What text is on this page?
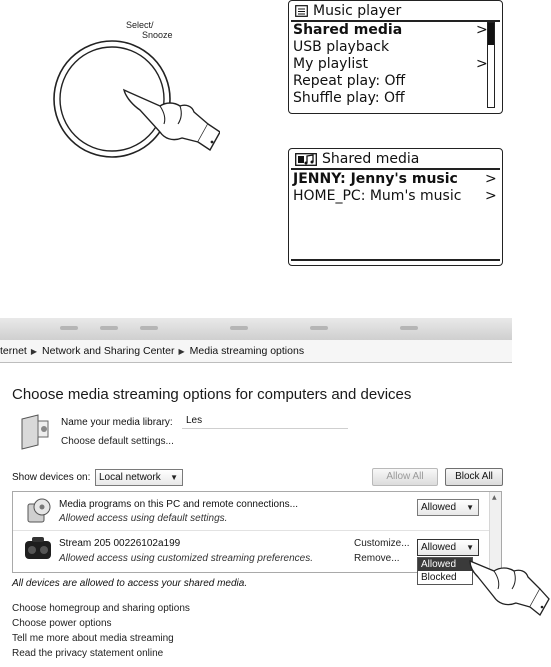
Select/
Snooze
Music player
Shared media	>
USB playback
My playlist	>
Repeat play: Off
Shuffle play: Off
Shared media
JENNY: Jenny's music	>
HOME_PC: Mum's music	>
ternet ▶ Network and Sharing Center ▶ Media streaming options
Choose media streaming options for computers and devices
Name your media library:	Les
Choose default settings...
Show devices on: Local network ▼	Allow All	Block All
▲
Media programs on this PC and remote connections...
Allowed access using default settings.
Allowed ▼
Stream 205 00226102a199
Allowed access using customized streaming preferences.
Customize...
Remove...
Allowed ▼
Allowed
Blocked
All devices are allowed to access your shared media.
Choose homegroup and sharing options
Choose power options
Tell me more about media streaming
Read the privacy statement online
